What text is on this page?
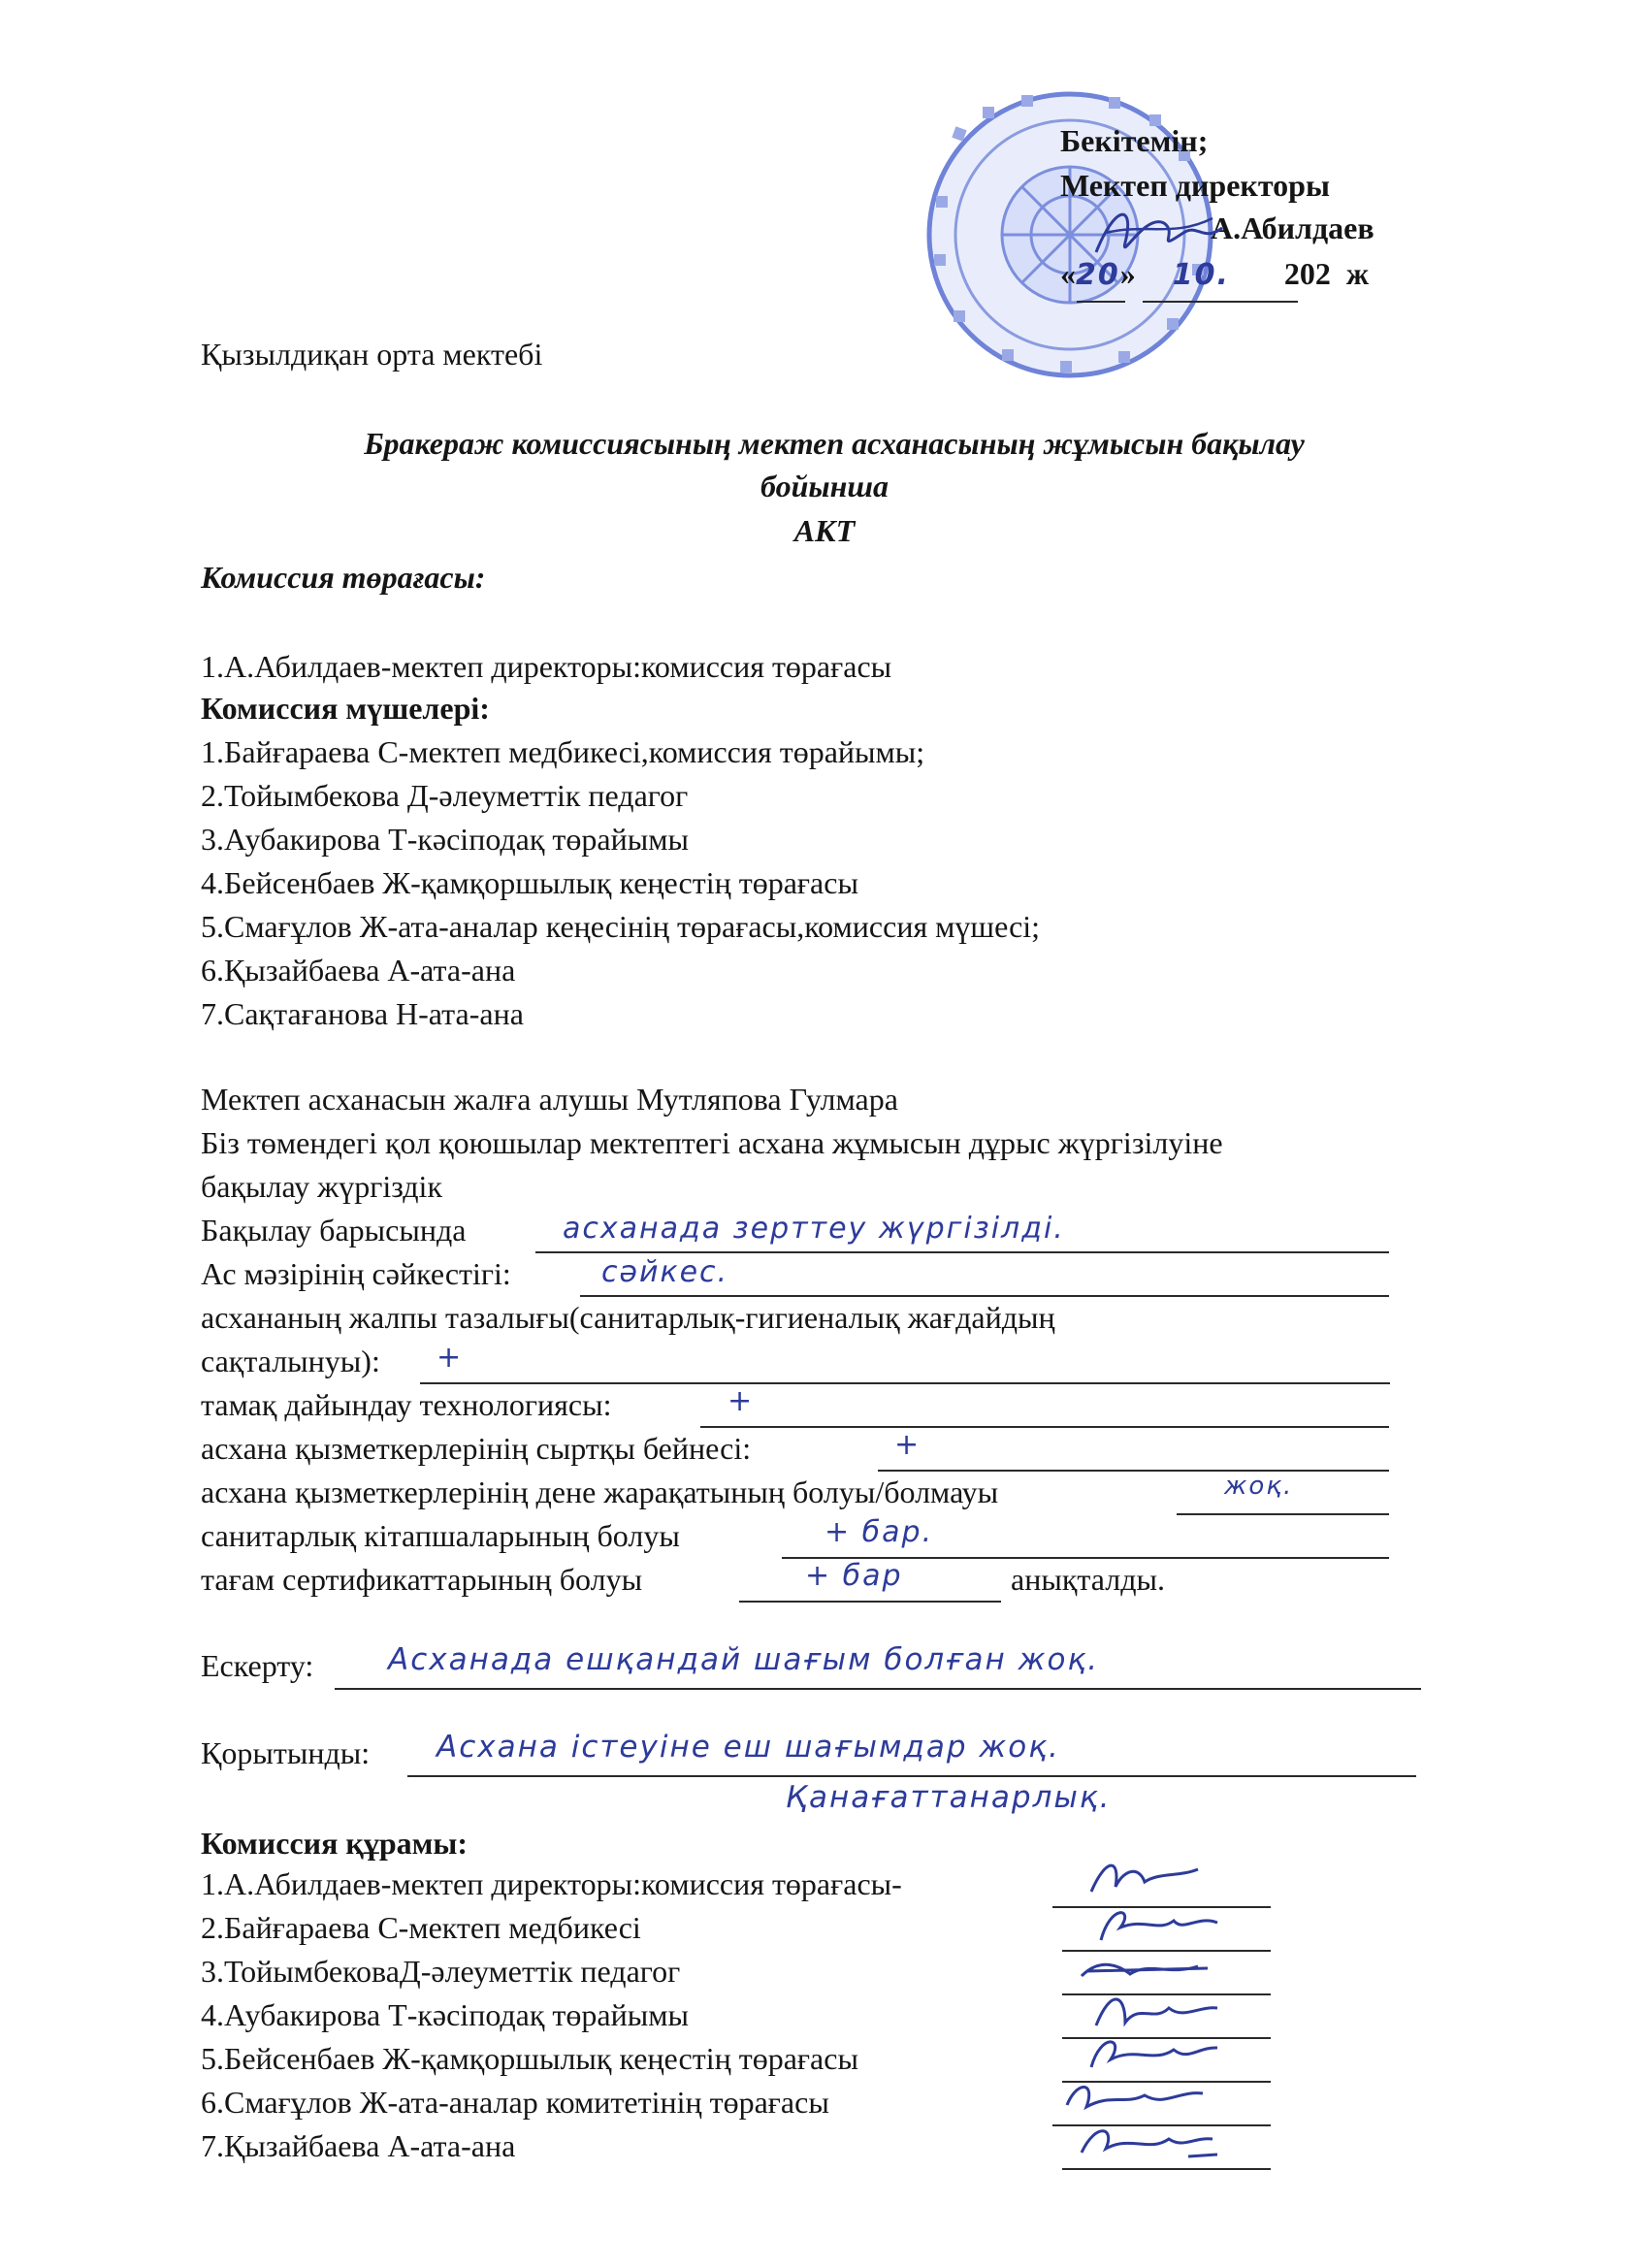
Бекітемін;
Мектеп директоры
А.Абилдаев
«20» 10. 202  ж
Қызылдиқан орта мектебі
Бракераж комиссиясының мектеп асханасының жұмысын бақылау
бойынша
АКТ
Комиссия төрағасы:
1.А.Абилдаев-мектеп директоры:комиссия төрағасы
Комиссия мүшелері:
1.Байғараева С-мектеп медбикесі,комиссия төрайымы;
2.Тойымбекова Д-әлеуметтік педагог
3.Аубакирова Т-кәсіподақ төрайымы
4.Бейсенбаев Ж-қамқоршылық кеңестің төрағасы
5.Смағұлов Ж-ата-аналар кеңесінің төрағасы,комиссия мүшесі;
6.Қызайбаева А-ата-ана
7.Сақтағанова Н-ата-ана
Мектеп асханасын жалға алушы Мутляпова Гулмара
Біз төмендегі қол қоюшылар мектептегі асхана жұмысын дұрыс жүргізілуіне
бақылау жүргіздік
Бақылау барысында	асханада зерттеу жүргізілді.
Ас мәзірінің сәйкестігі:	сәйкес.
асхананың жалпы тазалығы(санитарлық-гигиеналық жағдайдың
сақталынуы): +
тамақ дайындау технологиясы:	+
асхана қызметкерлерінің сыртқы бейнесі:	+
асхана қызметкерлерінің дене жарақатының болуы/болмауы	жоқ.
санитарлық кітапшаларының болуы	+ бар.
тағам сертификаттарының болуы	+ бар	анықталды.
Ескерту: Асханада ешқандай шағым болған жоқ.
Қорытынды: Асхана істеуіне еш шағымдар жоқ.
Қанағаттанарлық.
Комиссия құрамы:
1.А.Абилдаев-мектеп директоры:комиссия төрағасы-
2.Байғараева С-мектеп медбикесі
3.ТойымбековаД-әлеуметтік педагог
4.Аубакирова Т-кәсіподақ төрайымы
5.Бейсенбаев Ж-қамқоршылық кеңестің төрағасы
6.Смағұлов Ж-ата-аналар комитетінің төрағасы
7.Қызайбаева А-ата-ана
